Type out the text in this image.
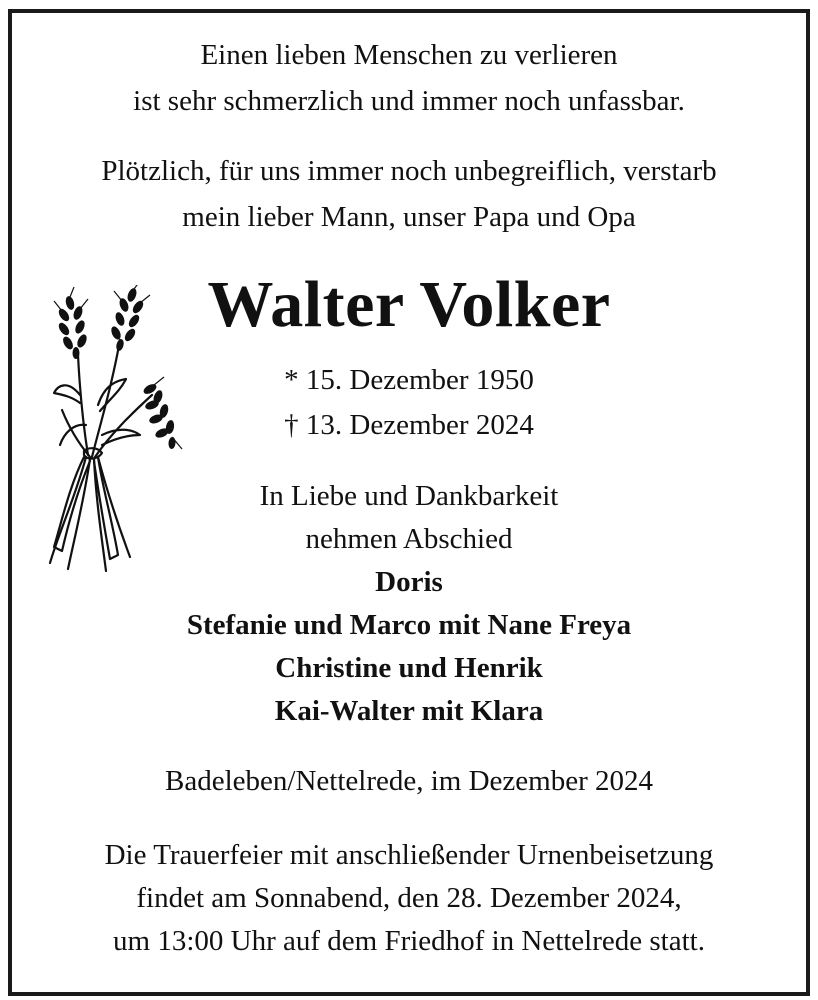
Einen lieben Menschen zu verlieren
ist sehr schmerzlich und immer noch unfassbar.
Plötzlich, für uns immer noch unbegreiflich, verstarb
mein lieber Mann, unser Papa und Opa
Walter Volker
* 15. Dezember 1950
† 13. Dezember 2024
In Liebe und Dankbarkeit
nehmen Abschied
Doris
Stefanie und Marco mit Nane Freya
Christine und Henrik
Kai-Walter mit Klara
Badeleben/Nettelrede, im Dezember 2024
Die Trauerfeier mit anschließender Urnenbeisetzung
findet am Sonnabend, den 28. Dezember 2024,
um 13:00 Uhr auf dem Friedhof in Nettelrede statt.
